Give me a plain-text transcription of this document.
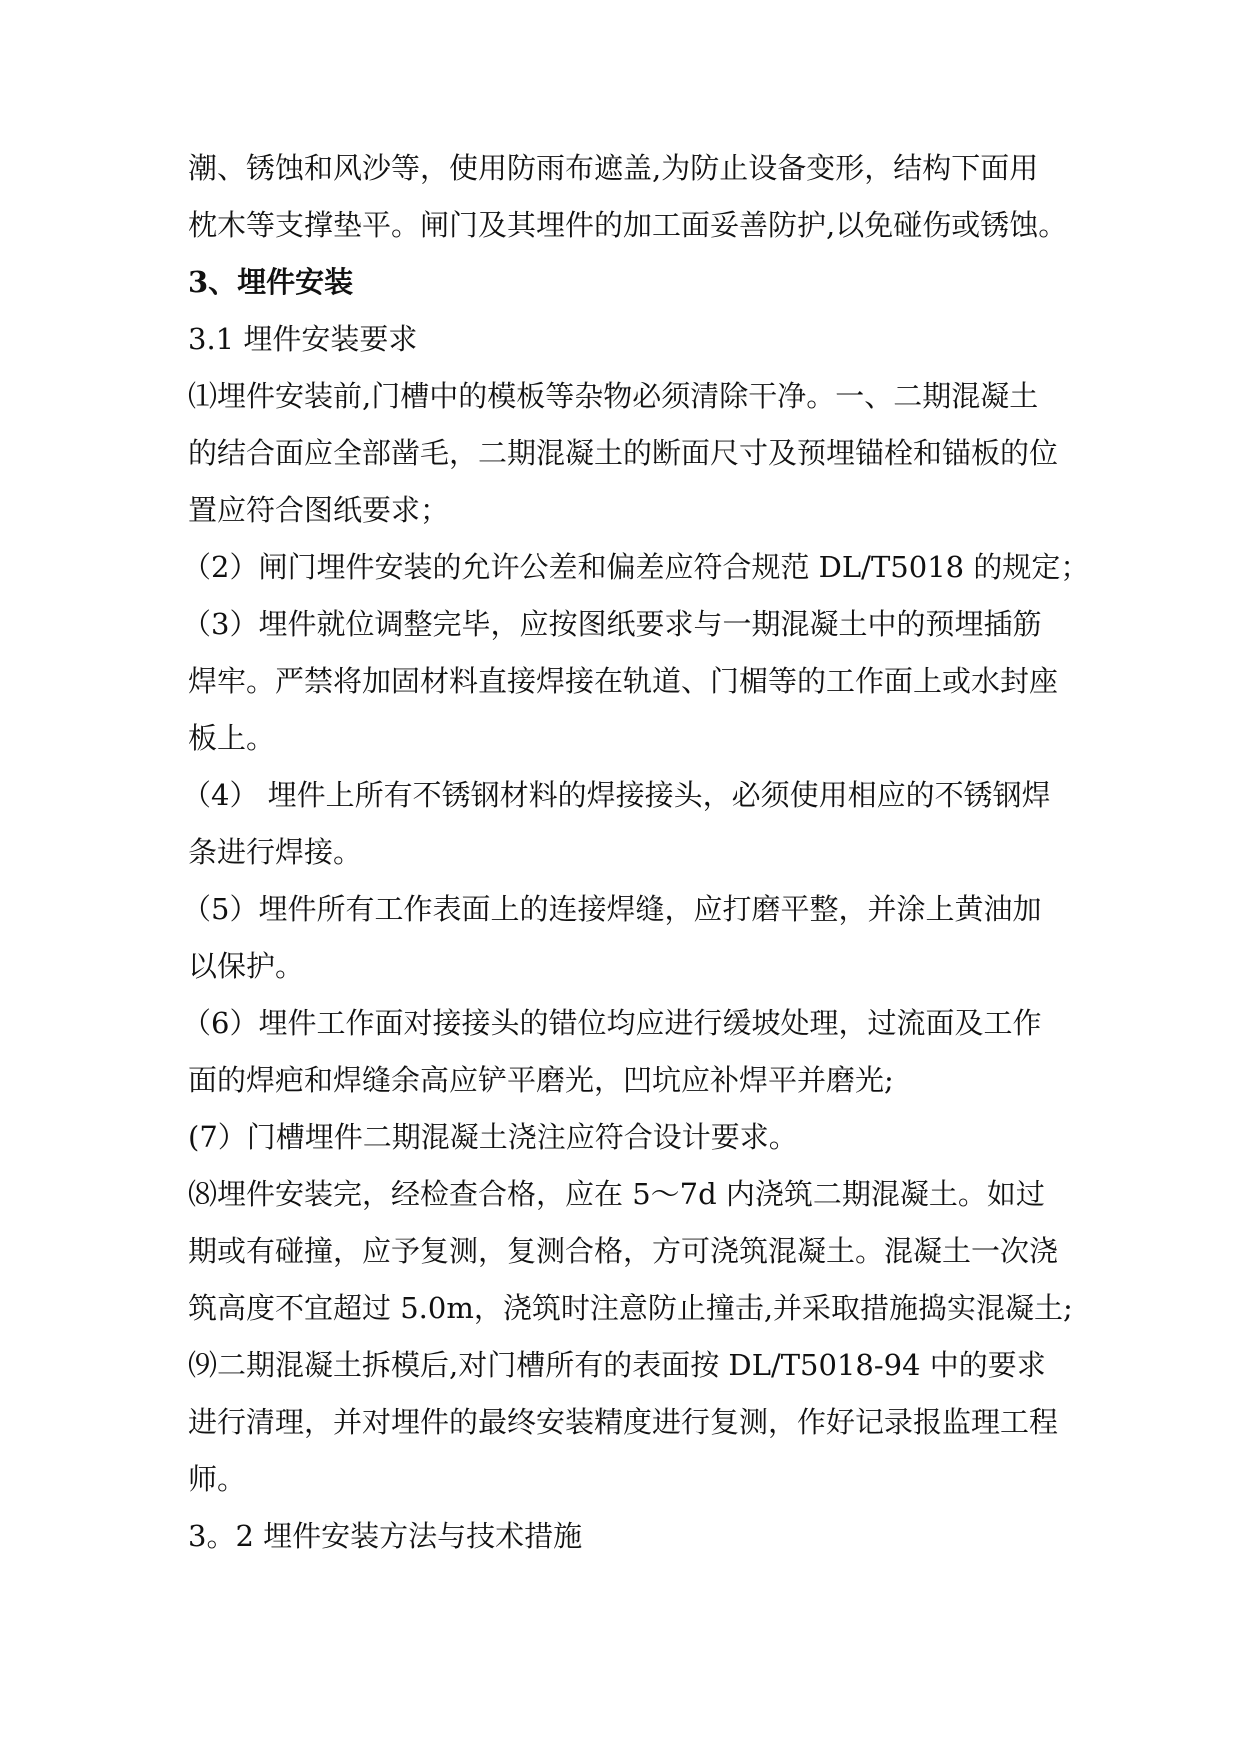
潮、锈蚀和风沙等，使用防雨布遮盖,为防止设备变形，结构下面用
枕木等支撑垫平。闸门及其埋件的加工面妥善防护,以免碰伤或锈蚀。
3、埋件安装
3.1 埋件安装要求
⑴埋件安装前,门槽中的模板等杂物必须清除干净。一、二期混凝土
的结合面应全部凿毛，二期混凝土的断面尺寸及预埋锚栓和锚板的位
置应符合图纸要求；
（2）闸门埋件安装的允许公差和偏差应符合规范 DL/T5018 的规定；
（3）埋件就位调整完毕，应按图纸要求与一期混凝土中的预埋插筋
焊牢。严禁将加固材料直接焊接在轨道、门楣等的工作面上或水封座
板上。
（4） 埋件上所有不锈钢材料的焊接接头，必须使用相应的不锈钢焊
条进行焊接。
（5）埋件所有工作表面上的连接焊缝，应打磨平整，并涂上黄油加
以保护。
（6）埋件工作面对接接头的错位均应进行缓坡处理，过流面及工作
面的焊疤和焊缝余高应铲平磨光，凹坑应补焊平并磨光;
(7）门槽埋件二期混凝土浇注应符合设计要求。
⑻埋件安装完，经检查合格，应在 5～7d 内浇筑二期混凝土。如过
期或有碰撞，应予复测，复测合格，方可浇筑混凝土。混凝土一次浇
筑高度不宜超过 5.0m，浇筑时注意防止撞击,并采取措施捣实混凝土;
⑼二期混凝土拆模后,对门槽所有的表面按 DL/T5018-94 中的要求
进行清理，并对埋件的最终安装精度进行复测，作好记录报监理工程
师。
3。2 埋件安装方法与技术措施
